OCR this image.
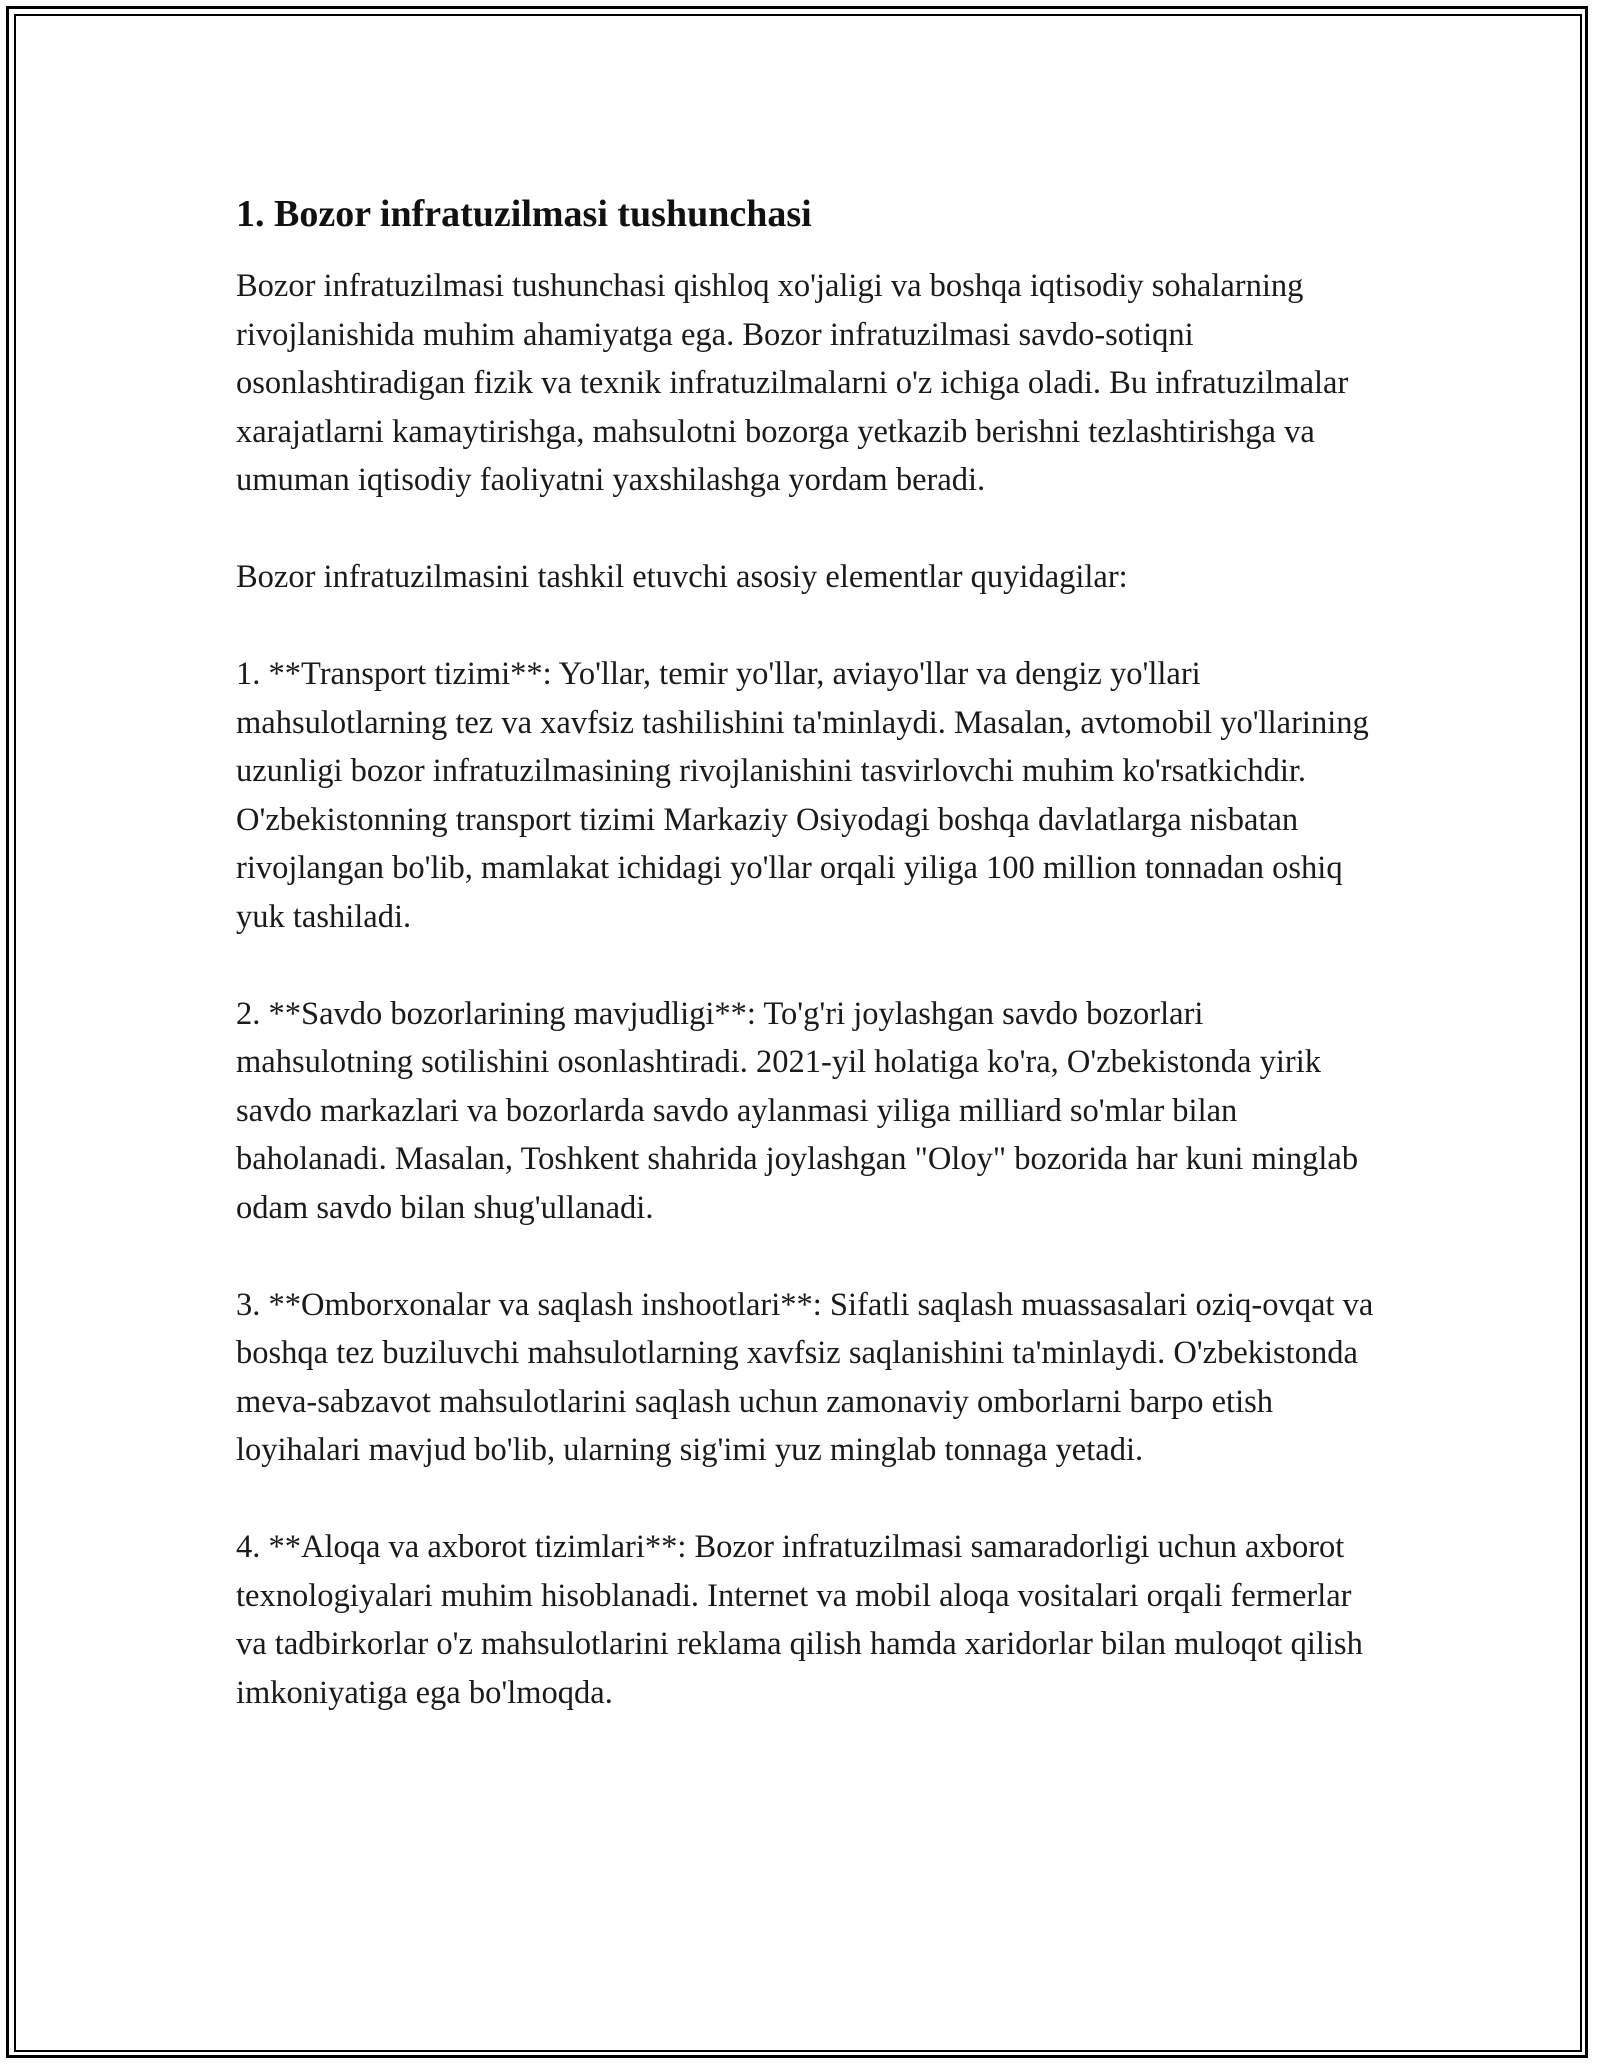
1. Bozor infratuzilmasi tushunchasi

Bozor infratuzilmasi tushunchasi qishloq xo'jaligi va boshqa iqtisodiy sohalarning rivojlanishida muhim ahamiyatga ega. Bozor infratuzilmasi savdo-sotiqni osonlashtiradigan fizik va texnik infratuzilmalarni o'z ichiga oladi. Bu infratuzilmalar xarajatlarni kamaytirishga, mahsulotni bozorga yetkazib berishni tezlashtirishga va umuman iqtisodiy faoliyatni yaxshilashga yordam beradi.

Bozor infratuzilmasini tashkil etuvchi asosiy elementlar quyidagilar:

1. **Transport tizimi**: Yo'llar, temir yo'llar, aviayo'llar va dengiz yo'llari mahsulotlarning tez va xavfsiz tashilishini ta'minlaydi. Masalan, avtomobil yo'llarining uzunligi bozor infratuzilmasining rivojlanishini tasvirlovchi muhim ko'rsatkichdir. O'zbekistonning transport tizimi Markaziy Osiyodagi boshqa davlatlarga nisbatan rivojlangan bo'lib, mamlakat ichidagi yo'llar orqali yiliga 100 million tonnadan oshiq yuk tashiladi.

2. **Savdo bozorlarining mavjudligi**: To'g'ri joylashgan savdo bozorlari mahsulotning sotilishini osonlashtiradi. 2021-yil holatiga ko'ra, O'zbekistonda yirik savdo markazlari va bozorlarda savdo aylanmasi yiliga milliard so'mlar bilan baholanadi. Masalan, Toshkent shahrida joylashgan "Oloy" bozorida har kuni minglab odam savdo bilan shug'ullanadi.

3. **Omborxonalar va saqlash inshootlari**: Sifatli saqlash muassasalari oziq-ovqat va boshqa tez buziluvchi mahsulotlarning xavfsiz saqlanishini ta'minlaydi. O'zbekistonda meva-sabzavot mahsulotlarini saqlash uchun zamonaviy omborlarni barpo etish loyihalari mavjud bo'lib, ularning sig'imi yuz minglab tonnaga yetadi.

4. **Aloqa va axborot tizimlari**: Bozor infratuzilmasi samaradorligi uchun axborot texnologiyalari muhim hisoblanadi. Internet va mobil aloqa vositalari orqali fermerlar va tadbirkorlar o'z mahsulotlarini reklama qilish hamda xaridorlar bilan muloqot qilish imkoniyatiga ega bo'lmoqda.
